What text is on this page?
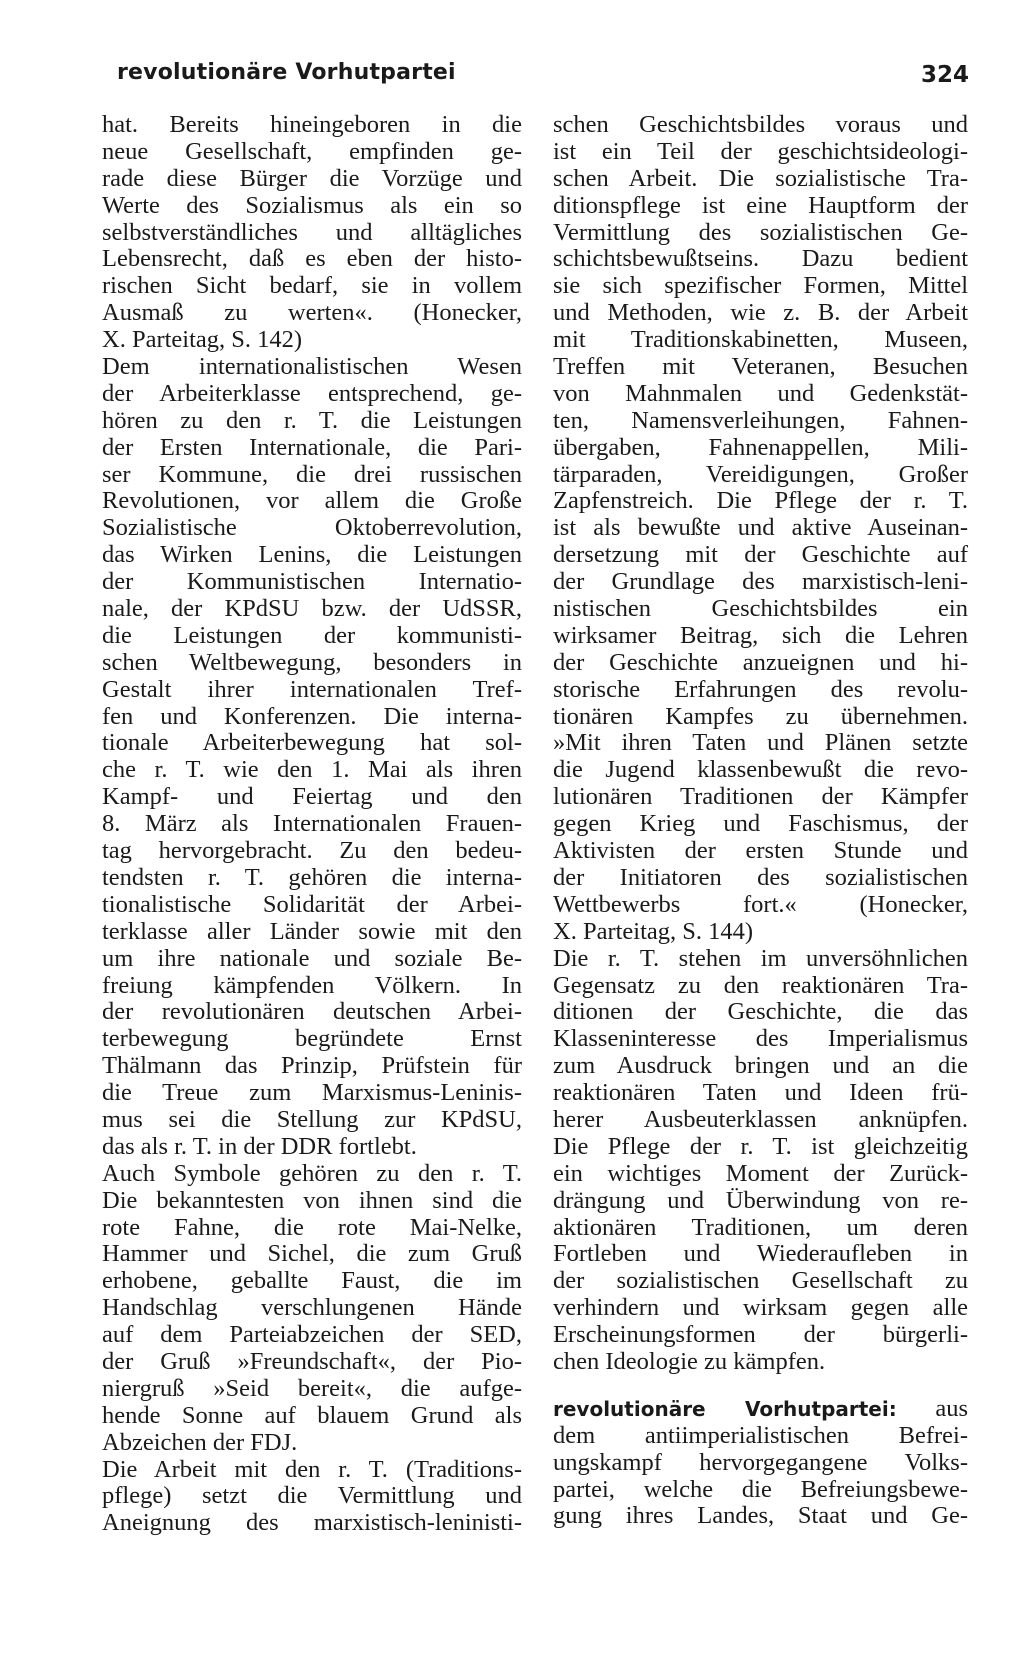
revolutionäre Vorhutpartei	324
hat. Bereits hineingeboren in die
neue Gesellschaft, empfinden ge-
rade diese Bürger die Vorzüge und
Werte des Sozialismus als ein so
selbstverständliches und alltägliches
Lebensrecht, daß es eben der histo-
rischen Sicht bedarf, sie in vollem
Ausmaß zu werten«. (Honecker,
X. Parteitag, S. 142)
Dem internationalistischen Wesen
der Arbeiterklasse entsprechend, ge-
hören zu den r. T. die Leistungen
der Ersten Internationale, die Pari-
ser Kommune, die drei russischen
Revolutionen, vor allem die Große
Sozialistische Oktoberrevolution,
das Wirken Lenins, die Leistungen
der Kommunistischen Internatio-
nale, der KPdSU bzw. der UdSSR,
die Leistungen der kommunisti-
schen Weltbewegung, besonders in
Gestalt ihrer internationalen Tref-
fen und Konferenzen. Die interna-
tionale Arbeiterbewegung hat sol-
che r. T. wie den 1. Mai als ihren
Kampf- und Feiertag und den
8. März als Internationalen Frauen-
tag hervorgebracht. Zu den bedeu-
tendsten r. T. gehören die interna-
tionalistische Solidarität der Arbei-
terklasse aller Länder sowie mit den
um ihre nationale und soziale Be-
freiung kämpfenden Völkern. In
der revolutionären deutschen Arbei-
terbewegung begründete Ernst
Thälmann das Prinzip, Prüfstein für
die Treue zum Marxismus-Leninis-
mus sei die Stellung zur KPdSU,
das als r. T. in der DDR fortlebt.
Auch Symbole gehören zu den r. T.
Die bekanntesten von ihnen sind die
rote Fahne, die rote Mai-Nelke,
Hammer und Sichel, die zum Gruß
erhobene, geballte Faust, die im
Handschlag verschlungenen Hände
auf dem Parteiabzeichen der SED,
der Gruß »Freundschaft«, der Pio-
niergruß »Seid bereit«, die aufge-
hende Sonne auf blauem Grund als
Abzeichen der FDJ.
Die Arbeit mit den r. T. (Traditions-
pflege) setzt die Vermittlung und
Aneignung des marxistisch-leninisti-
schen Geschichtsbildes voraus und
ist ein Teil der geschichtsideologi-
schen Arbeit. Die sozialistische Tra-
ditionspflege ist eine Hauptform der
Vermittlung des sozialistischen Ge-
schichtsbewußtseins. Dazu bedient
sie sich spezifischer Formen, Mittel
und Methoden, wie z. B. der Arbeit
mit Traditionskabinetten, Museen,
Treffen mit Veteranen, Besuchen
von Mahnmalen und Gedenkstät-
ten, Namensverleihungen, Fahnen-
übergaben, Fahnenappellen, Mili-
tärparaden, Vereidigungen, Großer
Zapfenstreich. Die Pflege der r. T.
ist als bewußte und aktive Auseinan-
dersetzung mit der Geschichte auf
der Grundlage des marxistisch-leni-
nistischen Geschichtsbildes ein
wirksamer Beitrag, sich die Lehren
der Geschichte anzueignen und hi-
storische Erfahrungen des revolu-
tionären Kampfes zu übernehmen.
»Mit ihren Taten und Plänen setzte
die Jugend klassenbewußt die revo-
lutionären Traditionen der Kämpfer
gegen Krieg und Faschismus, der
Aktivisten der ersten Stunde und
der Initiatoren des sozialistischen
Wettbewerbs fort.« (Honecker,
X. Parteitag, S. 144)
Die r. T. stehen im unversöhnlichen
Gegensatz zu den reaktionären Tra-
ditionen der Geschichte, die das
Klasseninteresse des Imperialismus
zum Ausdruck bringen und an die
reaktionären Taten und Ideen frü-
herer Ausbeuterklassen anknüpfen.
Die Pflege der r. T. ist gleichzeitig
ein wichtiges Moment der Zurück-
drängung und Überwindung von re-
aktionären Traditionen, um deren
Fortleben und Wiederaufleben in
der sozialistischen Gesellschaft zu
verhindern und wirksam gegen alle
Erscheinungsformen der bürgerli-
chen Ideologie zu kämpfen.
revolutionäre Vorhutpartei: aus
dem antiimperialistischen Befrei-
ungskampf hervorgegangene Volks-
partei, welche die Befreiungsbewe-
gung ihres Landes, Staat und Ge-
